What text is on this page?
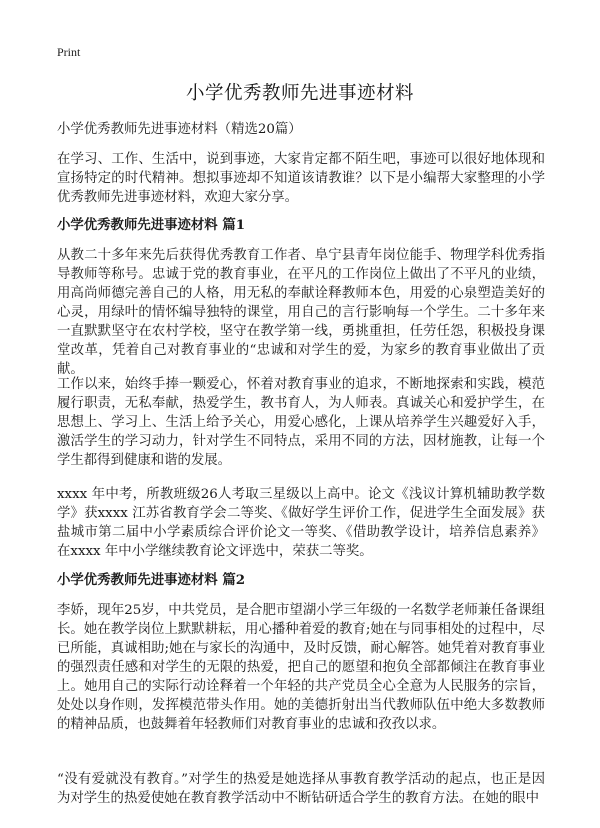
Print
小学优秀教师先进事迹材料

小学优秀教师先进事迹材料（精选20篇）

在学习、工作、生活中，说到事迹，大家肯定都不陌生吧，事迹可以很好地体现和宣扬特定的时代精神。想拟事迹却不知道该请教谁？以下是小编帮大家整理的小学优秀教师先进事迹材料，欢迎大家分享。

小学优秀教师先进事迹材料 篇1

从教二十多年来先后获得优秀教育工作者、阜宁县青年岗位能手、物理学科优秀指导教师等称号。忠诚于党的教育事业，在平凡的工作岗位上做出了不平凡的业绩，用高尚师德完善自己的人格，用无私的奉献诠释教师本色，用爱的心泉塑造美好的心灵，用绿叶的情怀编导独特的课堂，用自己的言行影响每一个学生。二十多年来一直默默坚守在农村学校，坚守在教学第一线，勇挑重担，任劳任怨，积极投身课堂改革，凭着自己对教育事业的“忠诚和对学生的爱，为家乡的教育事业做出了贡献。

工作以来，始终手捧一颗爱心，怀着对教育事业的追求，不断地探索和实践，模范履行职责，无私奉献，热爱学生，教书育人，为人师表。真诚关心和爱护学生，在思想上、学习上、生活上给予关心，用爱心感化，上课从培养学生兴趣爱好入手，激活学生的学习动力，针对学生不同特点，采用不同的方法，因材施教，让每一个学生都得到健康和谐的发展。

xxxx 年中考，所教班级26人考取三星级以上高中。论文《浅议计算机辅助教学数学》获xxxx 江苏省教育学会二等奖、《做好学生评价工作，促进学生全面发展》获盐城市第二届中小学素质综合评价论文一等奖、《借助教学设计，培养信息素养》在xxxx 年中小学继续教育论文评选中，荣获二等奖。

小学优秀教师先进事迹材料 篇2

李娇，现年25岁，中共党员，是合肥市望湖小学三年级的一名数学老师兼任备课组长。她在教学岗位上默默耕耘，用心播种着爱的教育;她在与同事相处的过程中，尽已所能，真诚相助;她在与家长的沟通中，及时反馈，耐心解答。她凭着对教育事业的强烈责任感和对学生的无限的热爱，把自己的愿望和抱负全部都倾注在教育事业上。她用自己的实际行动诠释着一个年轻的共产党员全心全意为人民服务的宗旨，处处以身作则，发挥模范带头作用。她的美德折射出当代教师队伍中绝大多数教师的精神品质，也鼓舞着年轻教师们对教育事业的忠诚和孜孜以求。

“没有爱就没有教育。”对学生的热爱是她选择从事教育教学活动的起点，也正是因为对学生的热爱使她在教育教学活动中不断钻研适合学生的教育方法。在她的眼中
